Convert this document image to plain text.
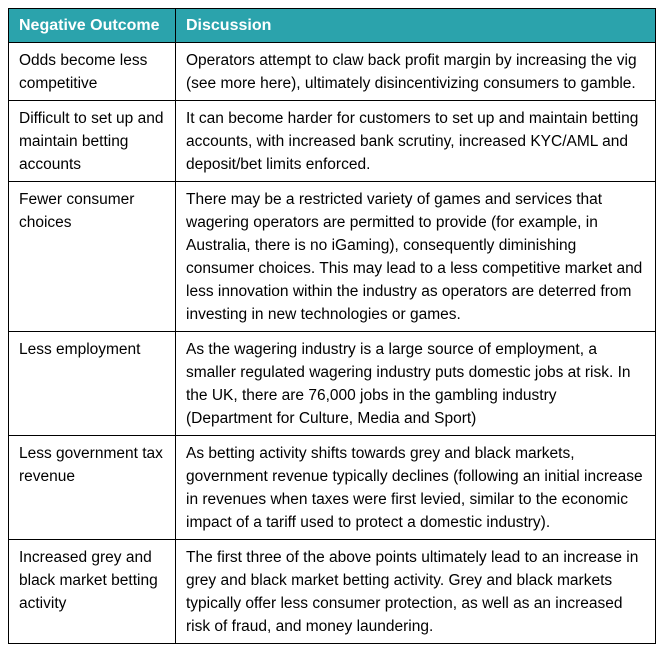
Negative Outcome	Discussion
Odds become less competitive	Operators attempt to claw back profit margin by increasing the vig (see more here), ultimately disincentivizing consumers to gamble.
Difficult to set up and maintain betting accounts	It can become harder for customers to set up and maintain betting accounts, with increased bank scrutiny, increased KYC/AML and deposit/bet limits enforced.
Fewer consumer choices	There may be a restricted variety of games and services that wagering operators are permitted to provide (for example, in Australia, there is no iGaming), consequently diminishing consumer choices. This may lead to a less competitive market and less innovation within the industry as operators are deterred from investing in new technologies or games.
Less employment	As the wagering industry is a large source of employment, a smaller regulated wagering industry puts domestic jobs at risk. In the UK, there are 76,000 jobs in the gambling industry (Department for Culture, Media and Sport)
Less government tax revenue	As betting activity shifts towards grey and black markets, government revenue typically declines (following an initial increase in revenues when taxes were first levied, similar to the economic impact of a tariff used to protect a domestic industry).
Increased grey and black market betting activity	The first three of the above points ultimately lead to an increase in grey and black market betting activity. Grey and black markets typically offer less consumer protection, as well as an increased risk of fraud, and money laundering.
